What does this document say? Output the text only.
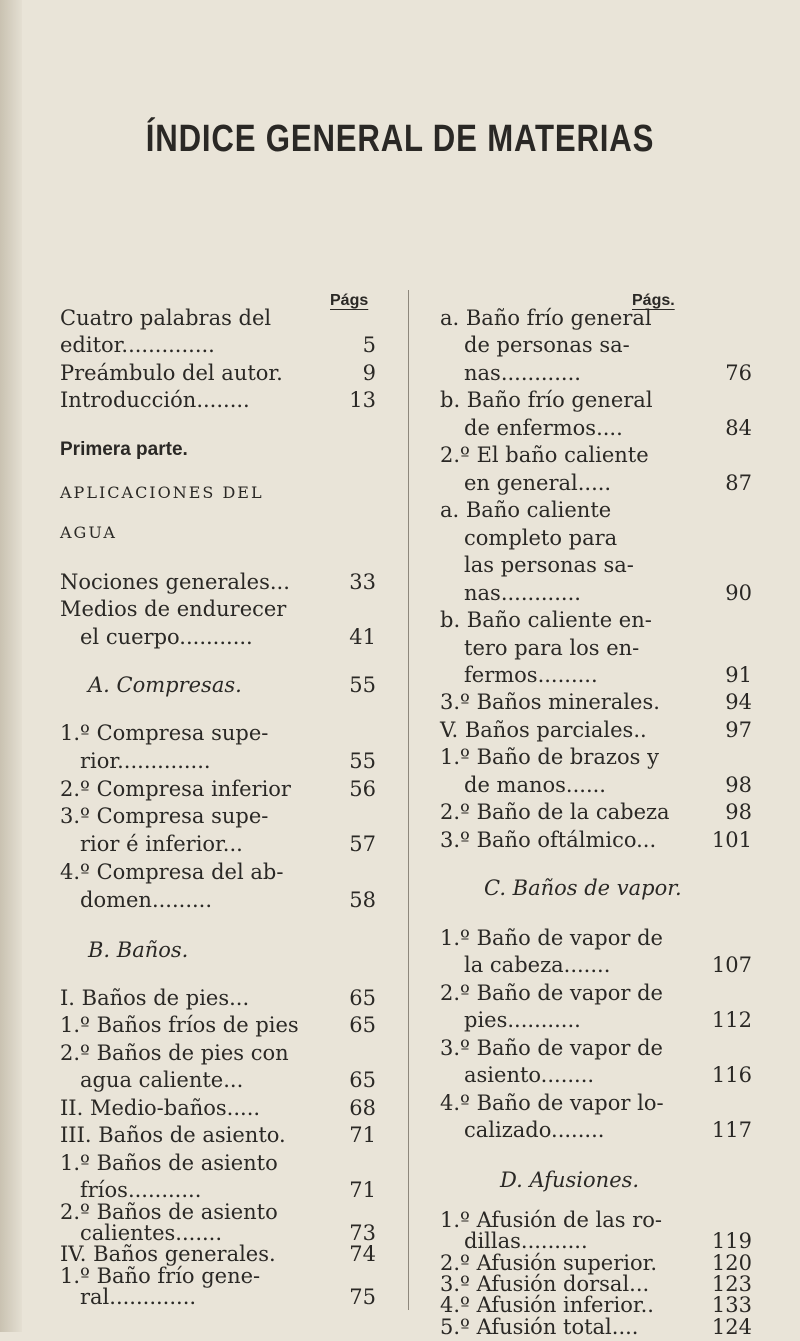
ÍNDICE GENERAL DE MATERIAS
Págs	Págs.
Cuatro palabras del
editor..............	5
Preámbulo del autor.	9
Introducción........	13
Primera parte.
APLICACIONES DEL
AGUA
Nociones generales...	33
Medios de endurecer
el cuerpo...........	41
A. Compresas.	55
1.º Compresa supe-
rior..............	55
2.º Compresa inferior	56
3.º Compresa supe-
rior é inferior...	57
4.º Compresa del ab-
domen.........	58
B. Baños.
I. Baños de pies...	65
1.º Baños fríos de pies 65
2.º Baños de pies con
agua caliente...	65
II. Medio-baños.....	68
III. Baños de asiento.	71
1.º Baños de asiento
fríos...........	71
2.º Baños de asiento
calientes.......	73
IV. Baños generales.	74
1.º Baño frío gene-
ral.............	75
a. Baño frío general
de personas sa-
nas............	76
b. Baño frío general
de enfermos....	84
2.º El baño caliente
en general.....	87
a. Baño caliente
completo para
las personas sa-
nas............	90
b. Baño caliente en-
tero para los en-
fermos.........	91
3.º Baños minerales.	94
V. Baños parciales..	97
1.º Baño de brazos y
de manos......	98
2.º Baño de la cabeza	98
3.º Baño oftálmico...	101
C. Baños de vapor.
1.º Baño de vapor de
la cabeza.......	107
2.º Baño de vapor de
pies...........	112
3.º Baño de vapor de
asiento........	116
4.º Baño de vapor lo-
calizado........	117
D. Afusiones.
1.º Afusión de las ro-
dillas..........	119
2.º Afusión superior.	120
3.º Afusión dorsal...	123
4.º Afusión inferior..	133
5.º Afusión total....	124
